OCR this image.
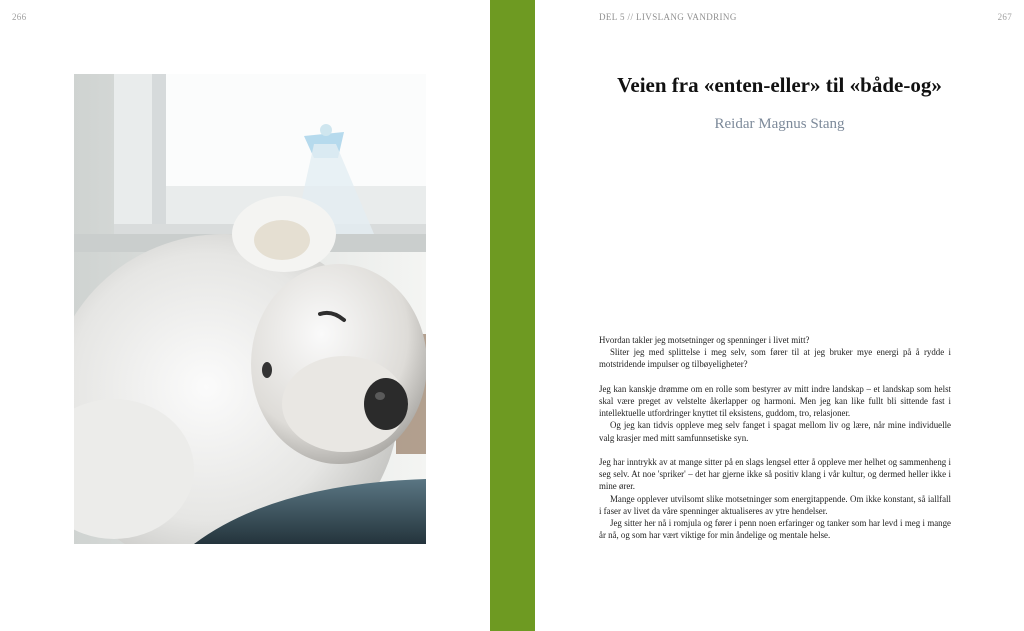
266	DEL 5 // LIVSLANG VANDRING	267
Veien fra «enten-eller» til «både-og»
Reidar Magnus Stang

Hvordan takler jeg motsetninger og spenninger i livet mitt?

Sliter jeg med splittelse i meg selv, som fører til at jeg bruker mye energi på å rydde i motstridende impulser og tilbøyeligheter?

Jeg kan kanskje drømme om en rolle som bestyrer av mitt indre landskap – et landskap som helst skal være preget av velstelte åkerlapper og harmoni. Men jeg kan like fullt bli sittende fast i intellektuelle utfordringer knyttet til eksistens, guddom, tro, relasjoner.

Og jeg kan tidvis oppleve meg selv fanget i spagat mellom liv og lære, når mine individuelle valg krasjer med mitt samfunnsetiske syn.

Jeg har inntrykk av at mange sitter på en slags lengsel etter å oppleve mer helhet og sammenheng i seg selv. At noe 'spriker' – det har gjerne ikke så positiv klang i vår kultur, og dermed heller ikke i mine ører.

Mange opplever utvilsomt slike motsetninger som energitappende. Om ikke konstant, så iallfall i faser av livet da våre spenninger aktualiseres av ytre hendelser.

Jeg sitter her nå i romjula og fører i penn noen erfaringer og tanker som har levd i meg i mange år nå, og som har vært viktige for min åndelige og mentale helse.
